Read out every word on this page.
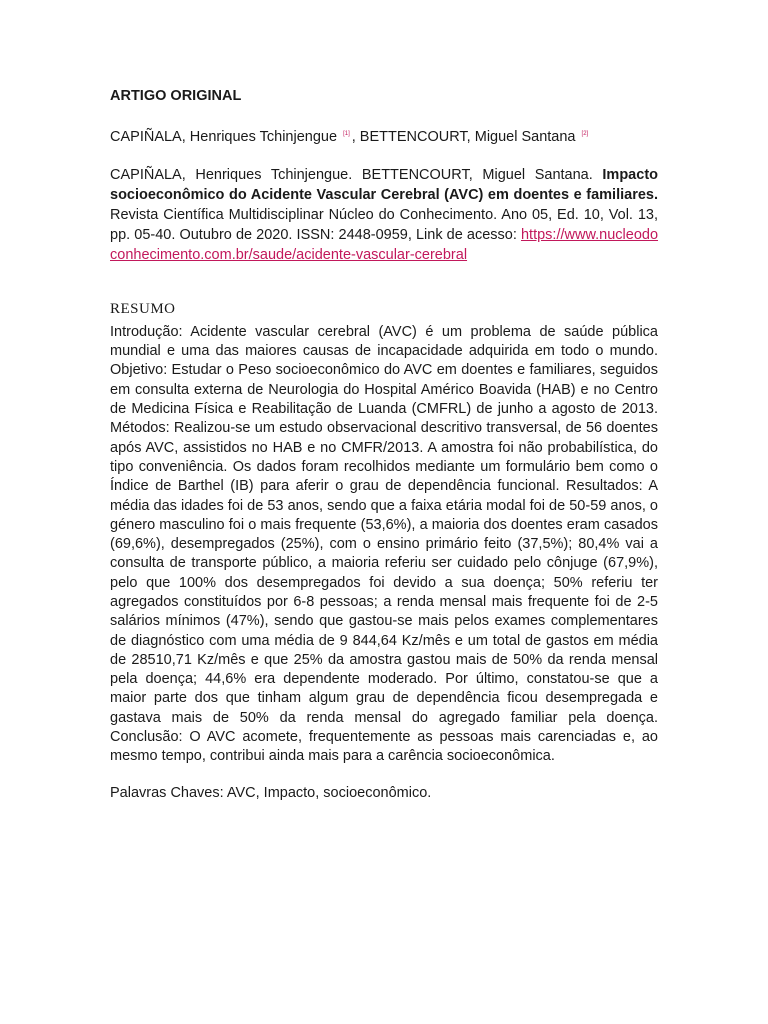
ARTIGO ORIGINAL
CAPIÑALA, Henriques Tchinjengue [1] , BETTENCOURT, Miguel Santana [2]
CAPIÑALA, Henriques Tchinjengue. BETTENCOURT, Miguel Santana. Impacto socioeconômico do Acidente Vascular Cerebral (AVC) em doentes e familiares. Revista Científica Multidisciplinar Núcleo do Conhecimento. Ano 05, Ed. 10, Vol. 13, pp. 05-40. Outubro de 2020. ISSN: 2448-0959, Link de acesso: https://www.nucleodoconhecimento.com.br/saude/acidente-vascular-cerebral
RESUMO
Introdução: Acidente vascular cerebral (AVC) é um problema de saúde pública mundial e uma das maiores causas de incapacidade adquirida em todo o mundo. Objetivo: Estudar o Peso socioeconômico do AVC em doentes e familiares, seguidos em consulta externa de Neurologia do Hospital Américo Boavida (HAB) e no Centro de Medicina Física e Reabilitação de Luanda (CMFRL) de junho a agosto de 2013. Métodos: Realizou-se um estudo observacional descritivo transversal, de 56 doentes após AVC, assistidos no HAB e no CMFR/2013. A amostra foi não probabilística, do tipo conveniência. Os dados foram recolhidos mediante um formulário bem como o Índice de Barthel (IB) para aferir o grau de dependência funcional. Resultados: A média das idades foi de 53 anos, sendo que a faixa etária modal foi de 50-59 anos, o género masculino foi o mais frequente (53,6%), a maioria dos doentes eram casados (69,6%), desempregados (25%), com o ensino primário feito (37,5%); 80,4% vai a consulta de transporte público, a maioria referiu ser cuidado pelo cônjuge (67,9%), pelo que 100% dos desempregados foi devido a sua doença; 50% referiu ter agregados constituídos por 6-8 pessoas; a renda mensal mais frequente foi de 2-5 salários mínimos (47%), sendo que gastou-se mais pelos exames complementares de diagnóstico com uma média de 9 844,64 Kz/mês e um total de gastos em média de 28510,71 Kz/mês e que 25% da amostra gastou mais de 50% da renda mensal pela doença; 44,6% era dependente moderado. Por último, constatou-se que a maior parte dos que tinham algum grau de dependência ficou desempregada e gastava mais de 50% da renda mensal do agregado familiar pela doença. Conclusão: O AVC acomete, frequentemente as pessoas mais carenciadas e, ao mesmo tempo, contribui ainda mais para a carência socioeconômica.
Palavras Chaves: AVC, Impacto, socioeconômico.
